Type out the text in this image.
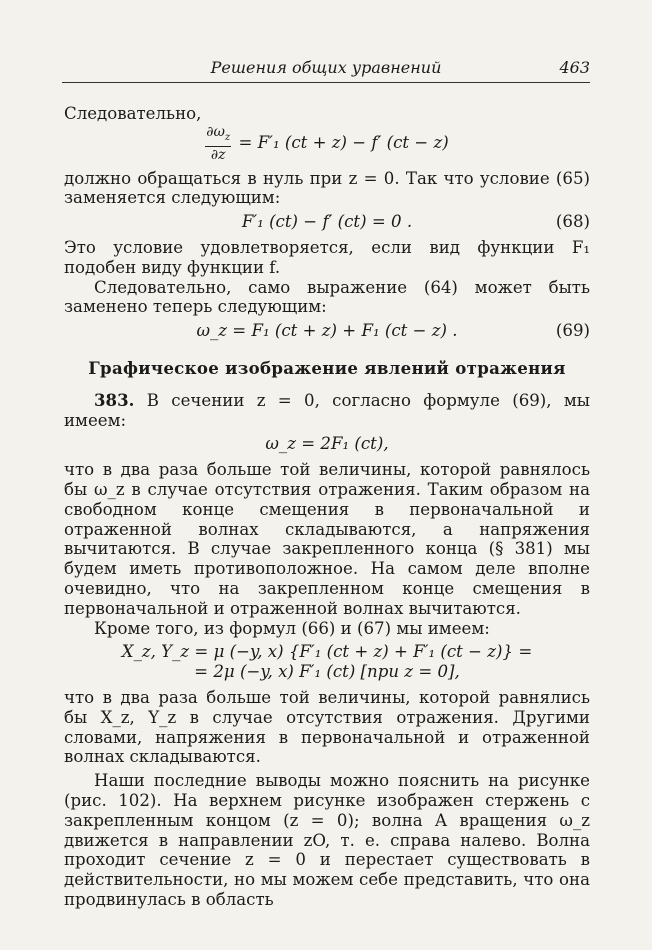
Решения общих уравнений	463

Следовательно,

$\frac{\partial\omega_z}{\partial z} = F'_1$ (ct + z) − f′ (ct − z)

должно обращаться в нуль при z = 0. Так что условие (65) заменяется следующим:

F′₁ (ct) − f′ (ct) = 0 .	(68)

Это условие удовлетворяется, если вид функции F₁ подобен виду функции f.

Следовательно, само выражение (64) может быть заменено теперь следующим:

ω_z = F₁ (ct + z) + F₁ (ct − z) .	(69)
Графическое изображение явлений отражения

383. В сечении z = 0, согласно формуле (69), мы имеем:

ω_z = 2F₁ (ct),

что в два раза больше той величины, которой равнялось бы ω_z в случае отсутствия отражения. Таким образом на свободном конце смещения в первоначальной и отраженной волнах складываются, а напряжения вычитаются. В случае закрепленного конца (§ 381) мы будем иметь противоположное. На самом деле вполне очевидно, что на закрепленном конце смещения в первоначальной и отраженной волнах вычитаются.

Кроме того, из формул (66) и (67) мы имеем:

X_z, Y_z = μ (−y, x) {F′₁ (ct + z) + F′₁ (ct − z)} =
= 2μ (−y, x) F′₁ (ct) [при z = 0],

что в два раза больше той величины, которой равнялись бы X_z, Y_z в случае отсутствия отражения. Другими словами, напряжения в первоначальной и отраженной волнах складываются.

Наши последние выводы можно пояснить на рисунке (рис. 102). На верхнем рисунке изображен стержень с закрепленным концом (z = 0); волна A вращения ω_z движется в направлении zO, т. е. справа налево. Волна проходит сечение z = 0 и перестает существовать в действительности, но мы можем себе представить, что она продвинулась в область
